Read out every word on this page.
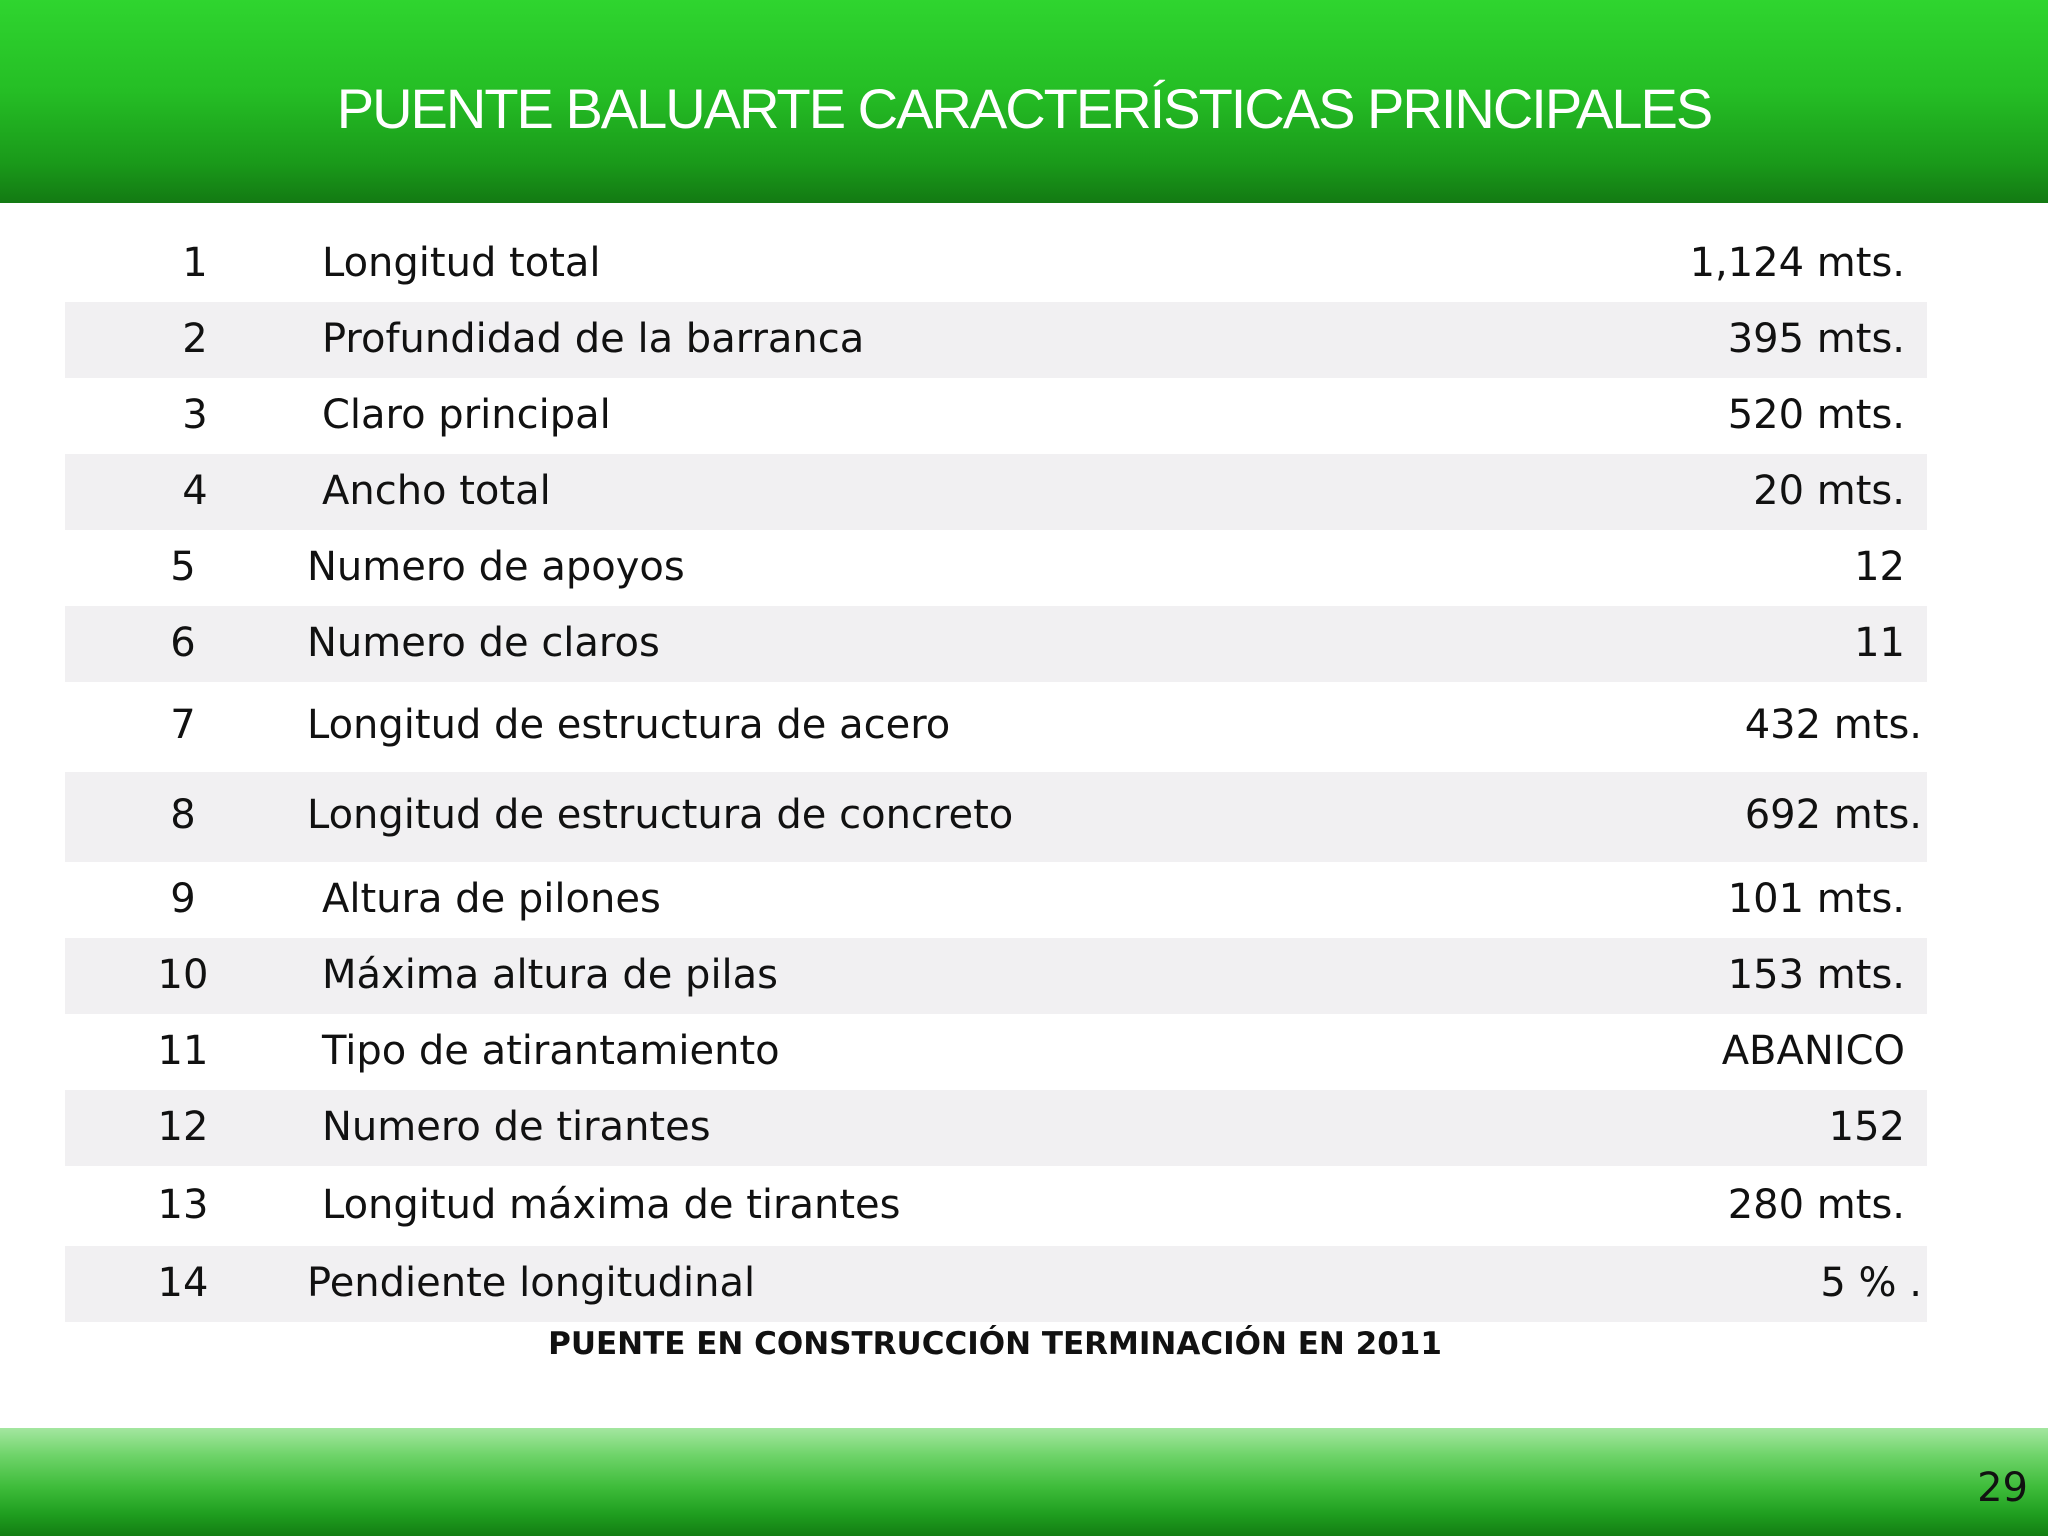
PUENTE BALUARTE CARACTERÍSTICAS PRINCIPALES
1	Longitud total	1,124 mts.
2	Profundidad de la barranca	395 mts.
3	Claro principal	520 mts.
4	Ancho total	20 mts.
5	Numero de apoyos	12
6	Numero de claros	11
7	Longitud de estructura de acero	432 mts.
8	Longitud de estructura de concreto	692 mts.
9	Altura de pilones	101 mts.
10	Máxima altura de pilas	153 mts.
11	Tipo de atirantamiento	ABANICO
12	Numero de tirantes	152
13	Longitud máxima de tirantes	280 mts.
14	Pendiente longitudinal	5 % .
PUENTE EN CONSTRUCCIÓN TERMINACIÓN EN 2011
29
